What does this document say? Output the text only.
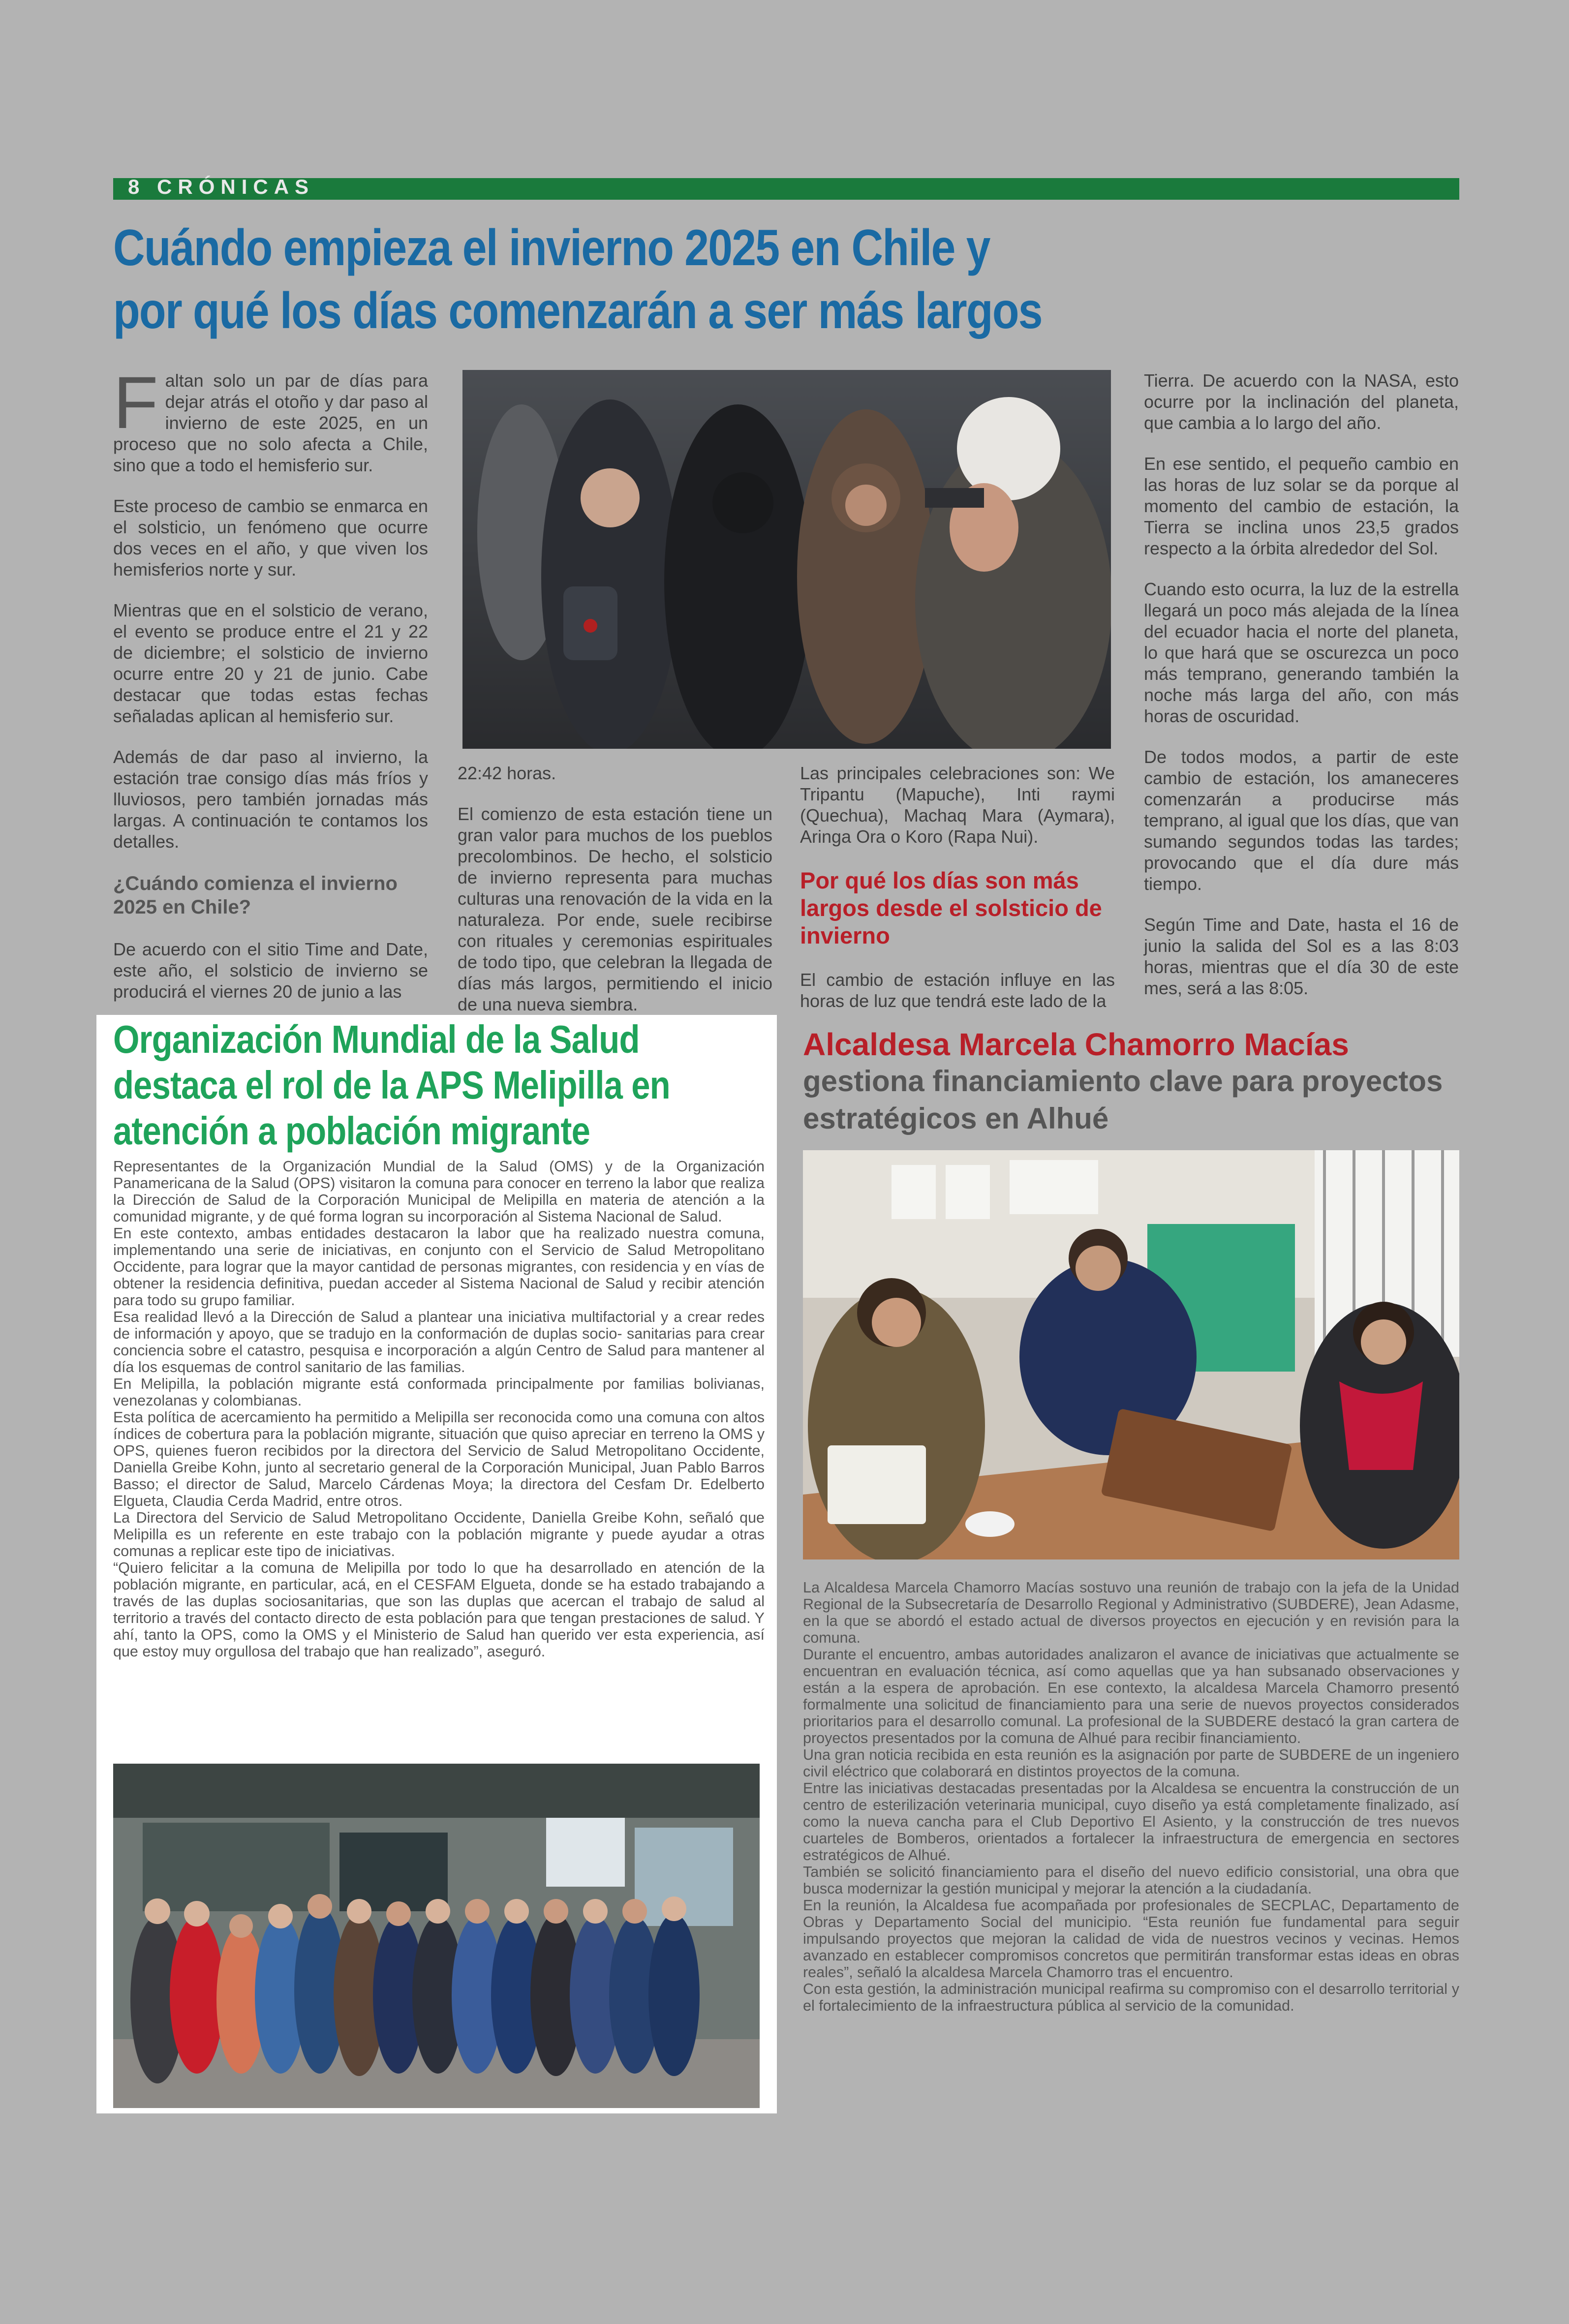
8 CRÓNICAS
Cuándo empieza el invierno 2025 en Chile y por qué los días comenzarán a ser más largos

Faltan solo un par de días para dejar atrás el otoño y dar paso al invierno de este 2025, en un proceso que no solo afecta a Chile, sino que a todo el hemisferio sur.

Este proceso de cambio se enmarca en el solsticio, un fenómeno que ocurre dos veces en el año, y que viven los hemisferios norte y sur.

Mientras que en el solsticio de verano, el evento se produce entre el 21 y 22 de diciembre; el solsticio de invierno ocurre entre 20 y 21 de junio. Cabe destacar que todas estas fechas señaladas aplican al hemisferio sur.

Además de dar paso al invierno, la estación trae consigo días más fríos y lluviosos, pero también jornadas más largas. A continuación te contamos los detalles.

¿Cuándo comienza el invierno 2025 en Chile?

De acuerdo con el sitio Time and Date, este año, el solsticio de invierno se producirá el viernes 20 de junio a las

22:42 horas.

El comienzo de esta estación tiene un gran valor para muchos de los pueblos precolombinos. De hecho, el solsticio de invierno representa para muchas culturas una renovación de la vida en la naturaleza. Por ende, suele recibirse con rituales y ceremonias espirituales de todo tipo, que celebran la llegada de días más largos, permitiendo el inicio de una nueva siembra.

Las principales celebraciones son: We Tripantu (Mapuche), Inti raymi (Quechua), Machaq Mara (Aymara), Aringa Ora o Koro (Rapa Nui).

Por qué los días son más largos desde el solsticio de invierno

El cambio de estación influye en las horas de luz que tendrá este lado de la

Tierra. De acuerdo con la NASA, esto ocurre por la inclinación del planeta, que cambia a lo largo del año.

En ese sentido, el pequeño cambio en las horas de luz solar se da porque al momento del cambio de estación, la Tierra se inclina unos 23,5 grados respecto a la órbita alrededor del Sol.

Cuando esto ocurra, la luz de la estrella llegará un poco más alejada de la línea del ecuador hacia el norte del planeta, lo que hará que se oscurezca un poco más temprano, generando también la noche más larga del año, con más horas de oscuridad.

De todos modos, a partir de este cambio de estación, los amaneceres comenzarán a producirse más temprano, al igual que los días, que van sumando segundos todas las tardes; provocando que el día dure más tiempo.

Según Time and Date, hasta el 16 de junio la salida del Sol es a las 8:03 horas, mientras que el día 30 de este mes, será a las 8:05.

Organización Mundial de la Salud destaca el rol de la APS Melipilla en atención a población migrante

Representantes de la Organización Mundial de la Salud (OMS) y de la Organización Panamericana de la Salud (OPS) visitaron la comuna para conocer en terreno la labor que realiza la Dirección de Salud de la Corporación Municipal de Melipilla en materia de atención a la comunidad migrante, y de qué forma logran su incorporación al Sistema Nacional de Salud.

En este contexto, ambas entidades destacaron la labor que ha realizado nuestra comuna, implementando una serie de iniciativas, en conjunto con el Servicio de Salud Metropolitano Occidente, para lograr que la mayor cantidad de personas migrantes, con residencia y en vías de obtener la residencia definitiva, puedan acceder al Sistema Nacional de Salud y recibir atención para todo su grupo familiar.

Esa realidad llevó a la Dirección de Salud a plantear una iniciativa multifactorial y a crear redes de información y apoyo, que se tradujo en la conformación de duplas socio- sanitarias para crear conciencia sobre el catastro, pesquisa e incorporación a algún Centro de Salud para mantener al día los esquemas de control sanitario de las familias.

En Melipilla, la población migrante está conformada principalmente por familias bolivianas, venezolanas y colombianas.

Esta política de acercamiento ha permitido a Melipilla ser reconocida como una comuna con altos índices de cobertura para la población migrante, situación que quiso apreciar en terreno la OMS y OPS, quienes fueron recibidos por la directora del Servicio de Salud Metropolitano Occidente, Daniella Greibe Kohn, junto al secretario general de la Corporación Municipal, Juan Pablo Barros Basso; el director de Salud, Marcelo Cárdenas Moya; la directora del Cesfam Dr. Edelberto Elgueta, Claudia Cerda Madrid, entre otros.

La Directora del Servicio de Salud Metropolitano Occidente, Daniella Greibe Kohn, señaló que Melipilla es un referente en este trabajo con la población migrante y puede ayudar a otras comunas a replicar este tipo de iniciativas.

“Quiero felicitar a la comuna de Melipilla por todo lo que ha desarrollado en atención de la población migrante, en particular, acá, en el CESFAM Elgueta, donde se ha estado trabajando a través de las duplas sociosanitarias, que son las duplas que acercan el trabajo de salud al territorio a través del contacto directo de esta población para que tengan prestaciones de salud. Y ahí, tanto la OPS, como la OMS y el Ministerio de Salud han querido ver esta experiencia, así que estoy muy orgullosa del trabajo que han realizado”, aseguró.

Alcaldesa Marcela Chamorro Macías
gestiona financiamiento clave para proyectos estratégicos en Alhué

La Alcaldesa Marcela Chamorro Macías sostuvo una reunión de trabajo con la jefa de la Unidad Regional de la Subsecretaría de Desarrollo Regional y Administrativo (SUBDERE), Jean Adasme, en la que se abordó el estado actual de diversos proyectos en ejecución y en revisión para la comuna.

Durante el encuentro, ambas autoridades analizaron el avance de iniciativas que actualmente se encuentran en evaluación técnica, así como aquellas que ya han subsanado observaciones y están a la espera de aprobación. En ese contexto, la alcaldesa Marcela Chamorro presentó formalmente una solicitud de financiamiento para una serie de nuevos proyectos considerados prioritarios para el desarrollo comunal. La profesional de la SUBDERE destacó la gran cartera de proyectos presentados por la comuna de Alhué para recibir financiamiento.

Una gran noticia recibida en esta reunión es la asignación por parte de SUBDERE de un ingeniero civil eléctrico que colaborará en distintos proyectos de la comuna.

Entre las iniciativas destacadas presentadas por la Alcaldesa se encuentra la construcción de un centro de esterilización veterinaria municipal, cuyo diseño ya está completamente finalizado, así como la nueva cancha para el Club Deportivo El Asiento, y la construcción de tres nuevos cuarteles de Bomberos, orientados a fortalecer la infraestructura de emergencia en sectores estratégicos de Alhué.

También se solicitó financiamiento para el diseño del nuevo edificio consistorial, una obra que busca modernizar la gestión municipal y mejorar la atención a la ciudadanía.

En la reunión, la Alcaldesa fue acompañada por profesionales de SECPLAC, Departamento de Obras y Departamento Social del municipio. “Esta reunión fue fundamental para seguir impulsando proyectos que mejoran la calidad de vida de nuestros vecinos y vecinas. Hemos avanzado en establecer compromisos concretos que permitirán transformar estas ideas en obras reales”, señaló la alcaldesa Marcela Chamorro tras el encuentro.

Con esta gestión, la administración municipal reafirma su compromiso con el desarrollo territorial y el fortalecimiento de la infraestructura pública al servicio de la comunidad.
